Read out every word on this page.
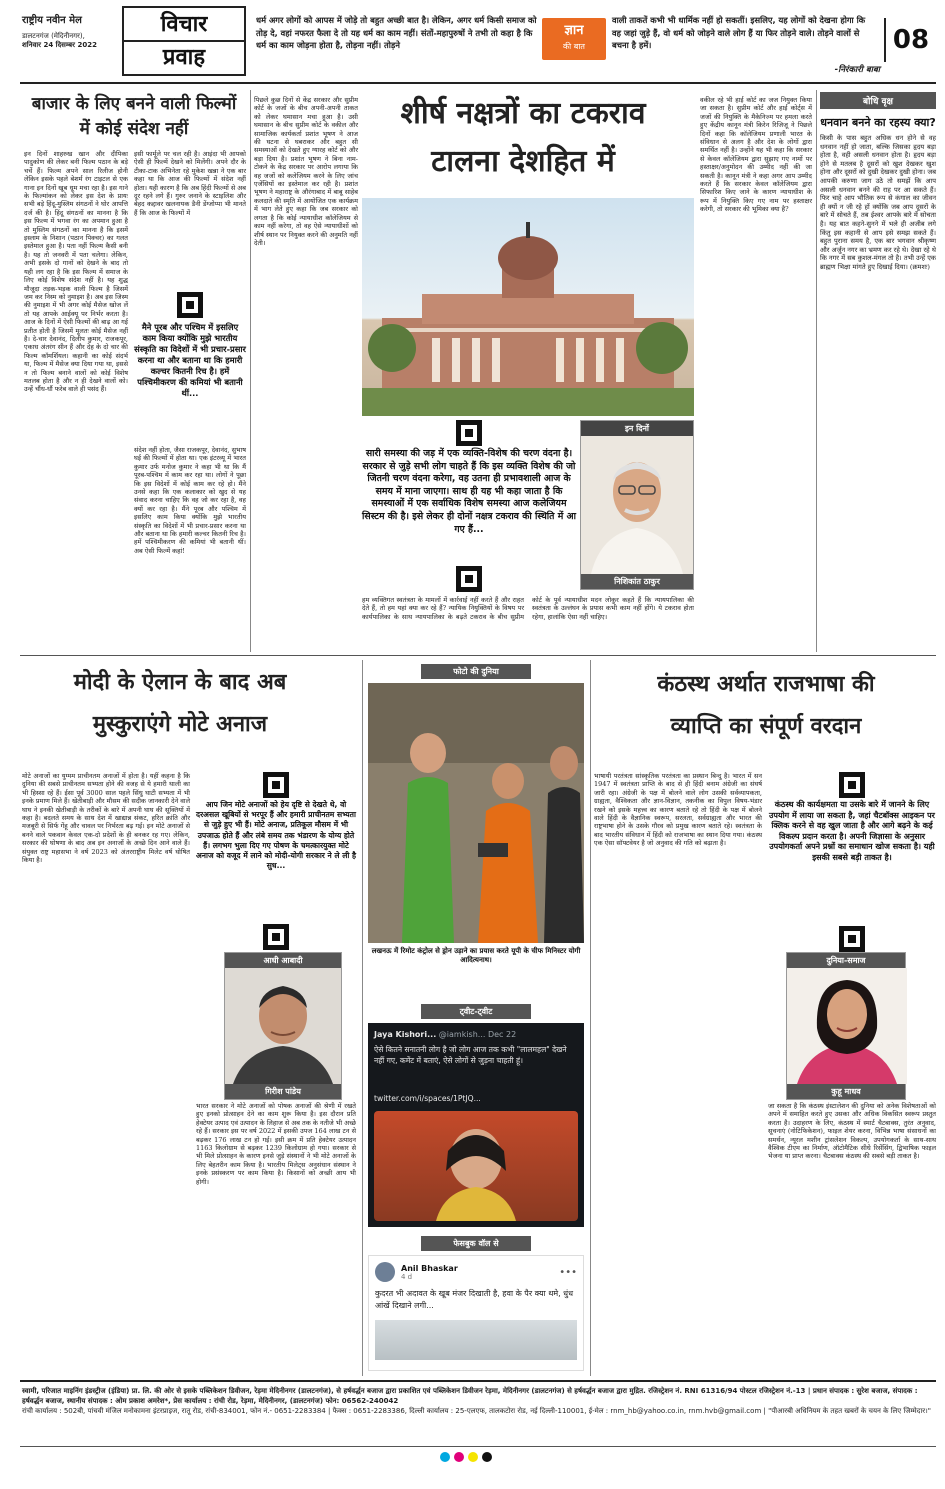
राष्ट्रीय नवीन मेल
डालटनगंज (मेदिनीनगर),
शनिवार 24 दिसम्बर 2022
विचार
प्रवाह
धर्म अगर लोगों को आपस में जोड़े तो बहुत अच्छी बात है। लेकिन, अगर धर्म किसी समाज को तोड़ दे, वहां नफरत फैला दे तो यह धर्म का काम नहीं। संतों-महापुरुषों ने तभी तो कहा है कि धर्म का काम जोड़ना होता है, तोड़ना नहीं। तोड़ने
ज्ञान
की बात
वाली ताकतें कभी भी धार्मिक नहीं हो सकतीं। इसलिए, यह लोगों को देखना होगा कि वह जहां जुड़े हैं, वो धर्म को जोड़ने वाले लोग हैं या फिर तोड़ने वाले। तोड़ने वालों से बचना है हमें।
-निरंकारी बाबा
08
बाजार के लिए बनने वाली फिल्मों में कोई संदेश नहीं
इन दिनों शाहरुख खान और दीपिका पादुकोण की लेकर बनी फिल्म पठान के बड़े चर्चे हैं। फिल्म अपने साल रिलीज होनी लेकिन इसके पहले बेशर्म रंग टाइटल से एक गाना इन दिनों खूब धूम मचा रहा है। इस गाने के फिल्मांकन को लेकर इस देश के प्रायः सभी बड़े हिंदू-मुस्लिम संगठनों ने घोर आपत्ति दर्ज की है। हिंदू संगठनों का मानना है कि इस फिल्म में भगवा रंग का अपमान हुआ है तो मुस्लिम संगठनों का मानना है कि इसमें इस्लाम के निशान (पठान पिक्चर) का गलत इस्तेमाल हुआ है। पता नहीं फिल्म कैसी बनी है। यह तो जनवरी में पता चलेगा। लेकिन, अभी इसके दो गानों को देखने के बाद तो यही लग रहा है कि इस फिल्म में समाज के लिए कोई विशेष संदेश नहीं है। यह शुद्ध मौजूदा तड़क-भड़क वाली फिल्म है जिसमें जम कर निस्म को नुमाइश है। अब इस जिस्म की नुमाइश में भी अगर कोई मैसेज खोज लें तो यह आपके आईक्यू पर निर्भर करता है। आज के दिनों में ऐसी फिल्मों की बाढ़ आ गई प्रतीत होती है जिसमें मूलतः कोई मैसेज नहीं है। दे-चार देवानंद, दिलीप कुमार, राजकपूर, एकाध अंतरंग सीन हैं और देह के दो चार की फिल्म कॉमर्शियल। कहानी का कोई संदर्भ या, फिल्म में मैसेज क्या दिया गया था, इससे न तो फिल्म बनाने वालों को कोई विशेष मतलब होता है और न ही देखने वालों को। उन्हें चौंध-धौं फरेब वाले ही पसंद हैं।
इसी फार्मूले पर चल रही है। आइंदा भी आपको ऐसी ही फिल्में देखने को मिलेंगी। अपने दौर के टीका-टाक अभिनेता रहे मुकेश खन्ना ने एक बार कहा था कि आज की फिल्मों में संदेश नहीं होता। यही कारण है कि अब हिंदी फिल्मों से अब दूर रहने लगे हैं। गुरुर जनाने के स्टाइलिश और बेहद कद्दावर खलनायक डैनी डेंग्जोप्पा भी मानते हैं कि आज के फिल्मों में
मैने पूरब और पश्चिम में इसलिए काम किया क्योंकि मुझे भारतीय संस्कृति का विदेशों में भी प्रचार-प्रसार करना था और बताना था कि हमारी कल्चर कितनी रिच है। हमें पश्चिमीकरण की कमियां भी बतानी थीं...
संदेश नहीं होता, जैसा राजकपूर, देवानंद, सुभाष घई की फिल्मों में होता था। एक इंटरव्यू में भारत कुमार उर्फ मनोज कुमार ने कहा भी था कि मैं पूरब-पश्चिम में काम कर रहा था। लोगों ने पूछा कि इस विदेशों में कोई काम कर रहे हो। मैंने उनसे कहा कि एक कलाकार को खुद से यह संवाद करना चाहिए कि वह जो कर रहा है, वह क्यों कर रहा है। मैंने पूरब और पश्चिम में इसलिए काम किया क्योंकि मुझे भारतीय संस्कृति का विदेशों में भी प्रचार-प्रसार करना था और बताना था कि हमारी कल्चर कितनी रिच है। हमें पश्चिमीकरण की कमियां भी बतानी थीं। अब ऐसी फिल्में कहां!
शीर्ष नक्षत्रों का टकराव
टालना देशहित में
पिछले कुछ दिनों से केंद्र सरकार और सुप्रीम कोर्ट के जजों के बीच अपनी-अपनी ताकत को लेकर घमासान मचा हुआ है। उसी घमासान के बीच सुप्रीम कोर्ट के वकील और सामाजिक कार्यकर्ता प्रशांत भूषण ने आज की घटना से घबराकर और बहुत सी समस्याओं को देखते हुए ग्यारह कोर्ट को और बड़ा दिया है। प्रशांत भूषण ने बिना नाम-टोकने के केंद्र सरकार पर आरोप लगाया कि वह जजों को कलेजियम करने के लिए जांच एजेंसियों का इस्तेमाल कर रही है। प्रशांत भूषण ने महाराष्ट्र के औरंगाबाद में बाबू साहेब कलदाते की स्मृति में आयोजित एक कार्यक्रम में भाग लेते हुए कहा कि जब सरकार को लगता है कि कोई न्यायाधीश कॉलेजियम से काम नहीं करेगा, तो वह ऐसे न्यायाधीशों को शीर्ष स्थान पर नियुक्त करने की अनुमति नहीं देती।
सारी समस्या की जड़ में एक व्यक्ति-विशेष की चरण वंदना है। सरकार से जुड़े सभी लोग चाहते हैं कि इस व्यक्ति विशेष की जो जितनी चरण वंदना करेगा, वह उतना ही प्रभावशाली आज के समय में माना जाएगा। साथ ही यह भी कहा जाता है कि समस्याओं में एक सर्वाधिक विशेष समस्या आज कलेजियम सिस्टम की है। इसे लेकर ही दोनों नक्षत्र टकराव की स्थिति में आ गए हैं...
इन दिनों
निशिकांत ठाकुर
हम व्यक्तिगत स्वतंत्रता के मामलों में कार्रवाई नहीं करते हैं और राहत देते हैं, तो हम यहां क्या कर रहे हैं? न्यायिक नियुक्तियों के विषय पर कार्यपालिका के साथ न्यायपालिका के बढ़ते टकराव के बीच सुप्रीम कोर्ट के पूर्व न्यायाधीश मदन लोकुर कहते हैं कि न्यायपालिका की स्वतंत्रता के उल्लंघन के प्रयास कभी काम नहीं होंगे। ये टकराव होता रहेगा, हालांकि ऐसा नहीं चाहिए।
वकील रहे भी हाई कोर्ट का जज नियुक्त किया जा सकता है। सुप्रीम कोर्ट और हाई कोर्ट्स में जजों की नियुक्ति के मैकेनिज्म पर हमला करते हुए केंद्रीय कानून मंत्री किरेन रिजिजू ने पिछले दिनों कहा कि कॉलेजियम प्रणाली भारत के संविधान से अलग है और देश के लोगों द्वारा समर्थित नहीं है। उन्होंने यह भी कहा कि सरकार से केवल कॉलेजियम द्वारा सुझाए गए नामों पर हस्ताक्षर/अनुमोदन की उम्मीद नहीं की जा सकती है। कानून मंत्री ने कहा अगर आप उम्मीद करते हैं कि सरकार केवल कॉलेजियम द्वारा सिफारिश किए जाने के कारण न्यायाधीश के रूप में नियुक्ति किए गए नाम पर हस्ताक्षर करेगी, तो सरकार की भूमिका क्या है?
बोधि वृक्ष
धनवान बनने का रहस्य क्या?
किसी के पास बहुत अधिक धन होने से वह धनवान नहीं हो जाता, बल्कि जिसका हृदय बड़ा होता है, वही असली धनवान होता है। हृदय बड़ा होने से मतलब है दूसरों को खुश देखकर खुश होना और दूसरों को दुखी देखकर दुखी होना। जब आपकी करुणा जाग उठे तो समझें कि आप असली धनवान बनने की राह पर आ सकते हैं। फिर चाहे आप भौतिक रूप से कंगाल का जीवन ही क्यों न जी रहे हों क्योंकि जब आप दूसरों के बारे में सोचते हैं, तब ईश्वर आपके बारे में सोचता है। यह बात कहने-सुनने में भले ही अजीब लगे किंतु इस कहानी से आप इसे समझ सकते हैं। बहुत पुराना समय है, एक बार भगवान श्रीकृष्ण और अर्जुन नगर का भ्रमण कर रहे थे। देखा रहे थे कि नगर में सब कुशल-मंगल तो है। तभी उन्हें एक ब्राह्मण भिक्षा मांगते हुए दिखाई दिया। (क्रमशः)
मोदी के ऐलान के बाद अब
मुस्कुराएंगे मोटे अनाज
मोटे अनाजों का युग्मम प्राचीनतम अनाजों में होता है। यहीं कहना है कि दुनिया की सबसे प्राचीनतम सभ्यता होने की वजह से ये हमारी थाली का भी हिस्सा रहे हैं। ईसा पूर्व 3000 साल पहले सिंधु घाटी सभ्यता में भी इनके प्रमाण मिले हैं। खेतीबाड़ी और मौसम की सदीक जानकारी देने वाले घाघ ने इनकी खेतीबाड़ी के तरीकों के बारे में अपनी घाघ की सूक्तियों में कहा है। बदलते समय के साथ देश में खाद्यान्न संकट, हरित क्रांति और मजबूरी से सिर्फ गेंहू और चावल पर निर्भरता बढ़ गई। इन मोटे अनाजों से बनने वाले पकवान केवल एक-दो प्रदेशों के ही बनकर रह गए। लेकिन, सरकार की घोषणा के बाद अब इन अनाजों के अच्छे दिन आने वाले हैं। संयुक्त राष्ट्र महासभा ने वर्ष 2023 को अंतरराष्ट्रीय मिलेट वर्ष घोषित किया है।
आप जिन मोटे अनाजों को हेय दृष्टि से देखते थे, वो दरअसल खूबियों से भरपूर हैं और हमारी प्राचीनतम सभ्यता से जुड़े हुए भी हैं। मोटे अनाज, प्रतिकूल मौसम में भी उपजाऊ होते हैं और लंबे समय तक भंडारण के योग्य होते हैं। लगभग भुला दिए गए पोषण के चमत्कारयुक्त मोटे अनाज को वजूद में लाने को मोदी-योगी सरकार ने ले ली है सुध...
आधी आबादी
गिरीश पांडेय
भारत सरकार ने मोटे अनाजों को पोषक अनाजों की श्रेणी में रखते हुए इनको प्रोत्साहन देने का काम शुरू किया है। इस दौरान प्रति हेक्टेयर उत्पाद एवं उत्पादन के लिहाज से अब तक के नतीजे भी अच्छे रहे हैं। सरकार इस पर वर्ष 2022 में इसकी उपज 164 लाख टन से बढ़कर 176 लाख टन हो गई। इसी क्रम में प्रति हेक्टेयर उत्पादन 1163 किलोग्राम से बढ़कर 1239 किलोग्राम हो गया। सरकार से भी मिले प्रोत्साहन के कारण इनसे जुड़े संस्थानों ने भी मोटे अनाजों के लिए बेहतरीन काम किया है। भारतीय मिलेट्स अनुसंधान संस्थान ने इनके प्रसंस्करण पर काम किया है। किसानों को अच्छी आय भी होगी।
फोटो की दुनिया
लखनऊ में रिमोट कंट्रोल से ड्रोन उड़ाने का प्रयास करते यूपी के चीफ मिनिस्टर योगी आदित्यनाथ।
ट्वीट-ट्वीट
Jaya Kishori... @iamkish... Dec 22
ऐसे कितने सनातनी लोग है जो लोग आज तक कभी "लालमहल" देखने नहीं गए, कमेंट में बताएं, ऐसे लोगों से जुड़ना चाहती हूं।
twitter.com/i/spaces/1PtJQ...
फेसबुक वॉल से
Anil Bhaskar
4 d	•••
कुदरत भी अदावत के खूब मंजर दिखाती है, हवा के पैर क्या थमे, धुंध आंखें दिखाने लगी...
कंठस्थ अर्थात राजभाषा की
व्याप्ति का संपूर्ण वरदान
भाषायी परतंत्रता सांस्कृतिक परतंत्रता का प्रस्थान बिन्दु है। भारत में सन 1947 में स्वतंत्रता प्राप्ति के बाद से ही हिंदी बनाम अंग्रेजी का संघर्ष जारी रहा। अंग्रेजी के पक्ष में बोलने वाले लोग उसकी सर्वव्यापकता, ग्राह्यता, वैश्विकता और ज्ञान-विज्ञान, तकनीक का विपुल विषय-भंडार रखने को इसके महत्त्व का कारण बताते रहे तो हिंदी के पक्ष में बोलने वाले हिंदी के वैज्ञानिक स्वरूप, सरलता, सर्वग्राह्यता और भारत की राष्ट्रभाषा होने के उसके गौरव को प्रमुख कारण बताते रहे। स्वतंत्रता के बाद भारतीय संविधान में हिंदी को राजभाषा का स्थान दिया गया। कंठस्थ एक ऐसा सॉफ्टवेयर है जो अनुवाद की गति को बढ़ाता है।
कंठस्थ की कार्यक्षमता या उसके बारे में जानने के लिए उपयोग में लाया जा सकता है, जहां चैटबॉक्स आइकन पर क्लिक करने से वह खुल जाता है और आगे बढ़ने के कई विकल्प प्रदान करता है। अपनी जिज्ञासा के अनुसार उपयोगकर्ता अपने प्रश्नों का समाधान खोज सकता है। यही इसकी सबसे बड़ी ताकत है।
दुनिया-समाज
कुहू माधव
जा सकता है कि कंठस्थ इंस्टालेशन की दुनिया को अनेक विशेषताओं को अपने में समाहित करते हुए उसका और अधिक विकसित स्वरूप प्रस्तुत करता है। उदाहरण के लिए, कंठस्थ में स्मार्ट चैटबाक्स, तुरंत अनुवाद, सूचनाएं (नोटिफिकेशन), फाइल शेयर करना, विभिन्न भाषा संसाधनों का समर्थन, न्यूरल मशीन ट्रांसलेशन विकल्प, उपयोगकर्ता के साथ-साथ वैश्विक टीएम का निर्माण, ऑटोमैटिक सीधे रिसेंसिंग, द्विभाषिक फाइल भेजना या प्राप्त करना। चैटबाक्स कंठस्थ की सबसे बड़ी ताकत है।
स्वामी, परिजात माइनिंग इंडस्ट्रीज (इंडिया) प्रा. लि. की ओर से इसके पब्लिकेशन डिवीजन, रेड़मा मेदिनीनगर (डालटनगंज), से हर्षवर्द्धन बजाज द्वारा प्रकाशित एवं पब्लिकेशन डिवीजन रेड़मा, मेदिनीनगर (डालटनगंज) से हर्षवर्द्धन बजाज द्वारा मुद्रित. रजिस्ट्रेशन नं. RNI 61316/94 पोस्टल रजिस्ट्रेशन नं.-13 | प्रधान संपादक : सुरेश बजाज, संपादक : हर्षवर्द्धन बजाज, स्थानीय संपादक : ओम प्रकाश अमरेश*, प्रेस कार्यालय : रांची रोड, रेड़मा, मेदिनीनगर, (डालटनगंज) फोन: 06562-240042
रांची कार्यालय : 502बी, पांचवी मंजिल मनोकामना इंटरप्राइज, रातू रोड, रांची-834001, फोन नं.- 0651-2283384 | फैक्स : 0651-2283386, दिल्ली कार्यालय : 25-एलएफ, तालकटोरा रोड, नई दिल्ली-110001, ई-मेल : rnm_hb@yahoo.co.in, rnm.hvb@gmail.com | "पीआरबी अधिनियम के तहत खबरों के चयन के लिए जिम्मेदार।"
